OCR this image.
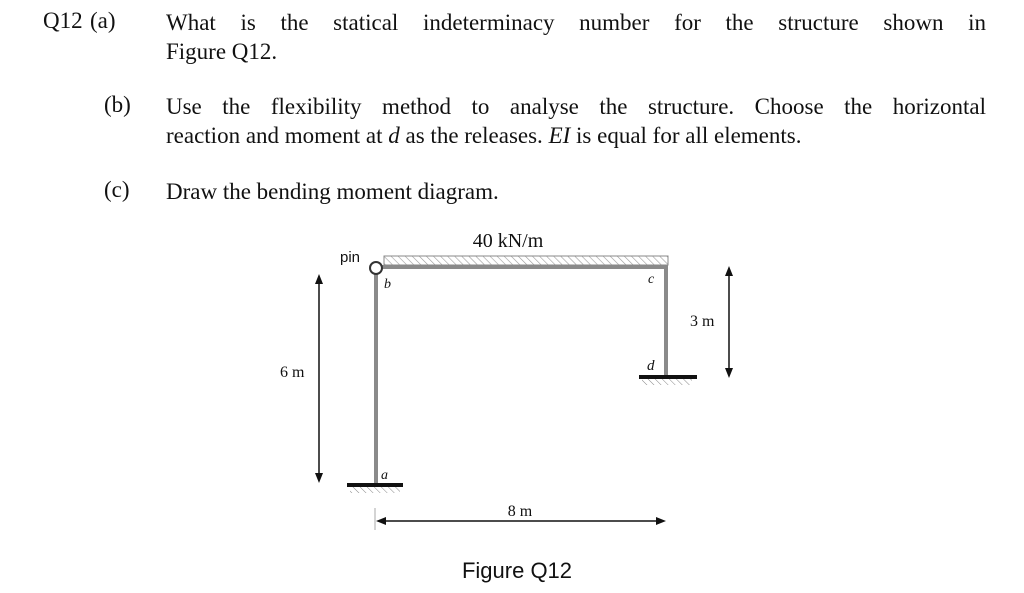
Q12 (a) What is the statical indeterminacy number for the structure shown in
Figure Q12.
(b) Use the flexibility method to analyse the structure. Choose the horizontal
reaction and moment at d as the releases. EI is equal for all elements.
(c) Draw the bending moment diagram.
40 kN/m
pin
b	c
d
a
6 m
3 m
8 m
Figure Q12
